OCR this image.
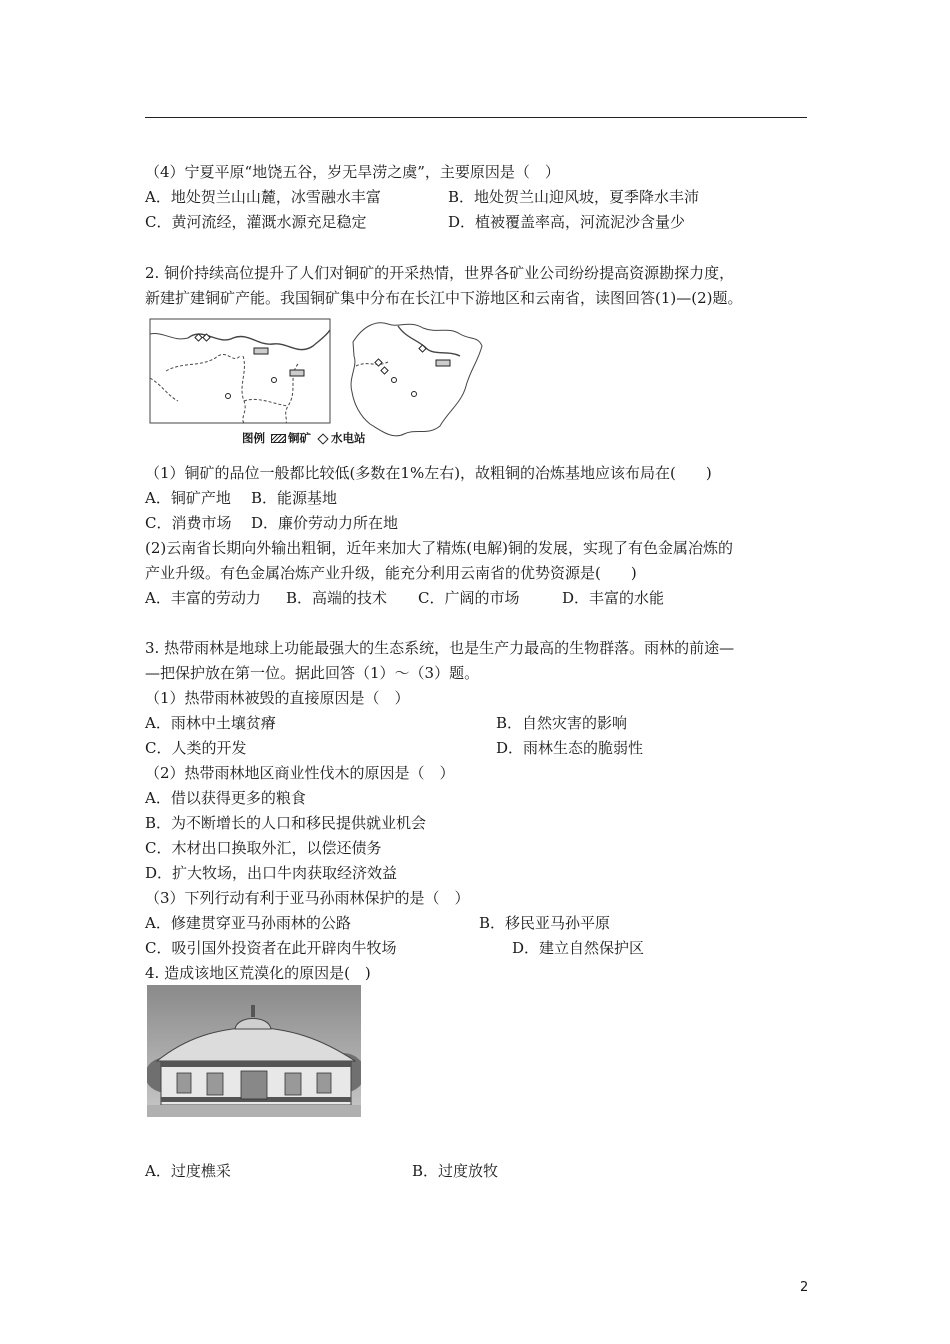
（4）宁夏平原“地饶五谷，岁无旱涝之虞”，主要原因是（　）
A．地处贺兰山山麓，冰雪融水丰富	B．地处贺兰山迎风坡，夏季降水丰沛
C．黄河流经，灌溉水源充足稳定	D．植被覆盖率高，河流泥沙含量少
2. 铜价持续高位提升了人们对铜矿的开采热情，世界各矿业公司纷纷提高资源勘探力度，
新建扩建铜矿产能。我国铜矿集中分布在长江中下游地区和云南省，读图回答(1)—(2)题。
图例 铜矿 水电站
（1）铜矿的品位一般都比较低(多数在1%左右)，故粗铜的冶炼基地应该布局在(　　)
A．铜矿产地 B．能源基地
C．消费市场 D．廉价劳动力所在地
(2)云南省长期向外输出粗铜，近年来加大了精炼(电解)铜的发展，实现了有色金属冶炼的
产业升级。有色金属冶炼产业升级，能充分利用云南省的优势资源是(　　)
A．丰富的劳动力 B．高端的技术 C．广阔的市场	D．丰富的水能
3. 热带雨林是地球上功能最强大的生态系统，也是生产力最高的生物群落。雨林的前途—
—把保护放在第一位。据此回答（1）～（3）题。
（1）热带雨林被毁的直接原因是（　）
A．雨林中土壤贫瘠	B．自然灾害的影响
C．人类的开发	D．雨林生态的脆弱性
（2）热带雨林地区商业性伐木的原因是（　）
A．借以获得更多的粮食
B．为不断增长的人口和移民提供就业机会
C．木材出口换取外汇，以偿还债务
D．扩大牧场，出口牛肉获取经济效益
（3）下列行动有利于亚马孙雨林保护的是（　）
A．修建贯穿亚马孙雨林的公路	B．移民亚马孙平原
C．吸引国外投资者在此开辟肉牛牧场	D．建立自然保护区
4. 造成该地区荒漠化的原因是(　)
A．过度樵采	B．过度放牧
2
